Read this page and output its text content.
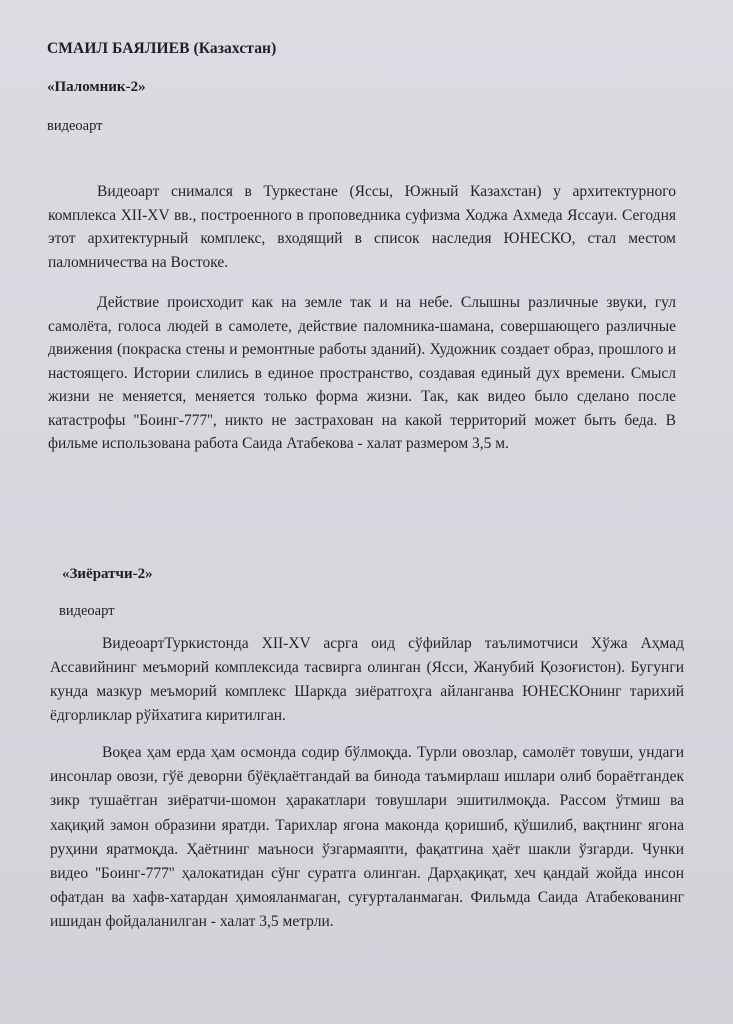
СМАИЛ БАЯЛИЕВ (Казахстан)

«Паломник-2»

видеоарт

Видеоарт снимался в Туркестане (Яссы, Южный Казахстан) у архитектурного комплекса XII-XV вв., построенного в проповедника суфизма Ходжа Ахмеда Яссауи. Сегодня этот архитектурный комплекс, входящий в список наследия ЮНЕСКО, стал местом паломничества на Востоке.

Действие происходит как на земле так и на небе. Слышны различные звуки, гул самолёта, голоса людей в самолете, действие паломника-шамана, совершающего различные движения (покраска стены и ремонтные работы зданий). Художник создает образ, прошлого и настоящего. Истории слились в единое пространство, создавая единый дух времени. Смысл жизни не меняется, меняется только форма жизни. Так, как видео было сделано после катастрофы ''Боинг-777'', никто не застрахован на какой территорий может быть беда. В фильме использована работа Саида Атабекова - халат размером 3,5 м.

«Зиёратчи-2»

видеоарт

ВидеоартТуркистонда XII-XV асрга оид сўфийлар таълимотчиси Хўжа Аҳмад Ассавийнинг меъморий комплексида тасвирга олинган (Ясси, Жанубий Қозоғистон). Бугунги кунда мазкур меъморий комплекс Шаркда зиёратгоҳга айланганва ЮНЕСКОнинг тарихий ёдгорликлар рўйхатига киритилган.

Воқеа ҳам ерда ҳам осмонда содир бўлмоқда. Турли овозлар, самолёт товуши, ундаги инсонлар овози, гўё деворни бўёқлаётгандай ва бинода таъмирлаш ишлари олиб бораётгандек зикр тушаётган зиёратчи-шомон ҳаракатлари товушлари эшитилмоқда. Рассом ўтмиш ва хақиқий замон образини яратди. Тарихлар ягона маконда қоришиб, қўшилиб, вақтнинг ягона руҳини яратмоқда. Ҳаётнинг маъноси ўзгармаяпти, фақатгина ҳаёт шакли ўзгарди. Чунки видео ''Боинг-777'' ҳалокатидан сўнг суратга олинган. Дарҳақиқат, хеч қандай жойда инсон офатдан ва хафв-хатардан ҳимояланмаган, суғурталанмаган. Фильмда Саида Атабекованинг ишидан фойдаланилган - халат 3,5 метрли.
